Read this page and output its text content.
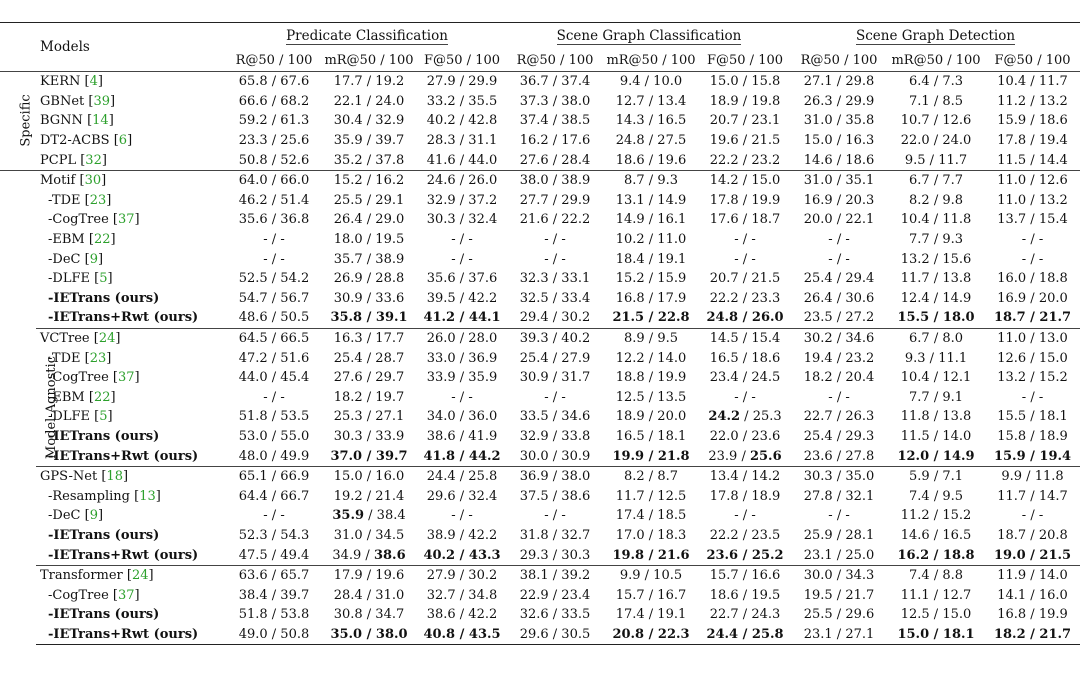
	Models	Predicate Classification			Scene Graph Classification			Scene Graph Detection		
		R@50 / 100	mR@50 / 100	F@50 / 100	R@50 / 100	mR@50 / 100	F@50 / 100	R@50 / 100	mR@50 / 100	F@50 / 100
Specific	KERN [4]	65.8 / 67.6	17.7 / 19.2	27.9 / 29.9	36.7 / 37.4	9.4 / 10.0	15.0 / 15.8	27.1 / 29.8	6.4 / 7.3	10.4 / 11.7
	GBNet [39]	66.6 / 68.2	22.1 / 24.0	33.2 / 35.5	37.3 / 38.0	12.7 / 13.4	18.9 / 19.8	26.3 / 29.9	7.1 / 8.5	11.2 / 13.2
	BGNN [14]	59.2 / 61.3	30.4 / 32.9	40.2 / 42.8	37.4 / 38.5	14.3 / 16.5	20.7 / 23.1	31.0 / 35.8	10.7 / 12.6	15.9 / 18.6
	DT2-ACBS [6]	23.3 / 25.6	35.9 / 39.7	28.3 / 31.1	16.2 / 17.6	24.8 / 27.5	19.6 / 21.5	15.0 / 16.3	22.0 / 24.0	17.8 / 19.4
	PCPL [32]	50.8 / 52.6	35.2 / 37.8	41.6 / 44.0	27.6 / 28.4	18.6 / 19.6	22.2 / 23.2	14.6 / 18.6	9.5 / 11.7	11.5 / 14.4
Model-Agnostic	Motif [30]	64.0 / 66.0	15.2 / 16.2	24.6 / 26.0	38.0 / 38.9	8.7 / 9.3	14.2 / 15.0	31.0 / 35.1	6.7 / 7.7	11.0 / 12.6
	-TDE [23]	46.2 / 51.4	25.5 / 29.1	32.9 / 37.2	27.7 / 29.9	13.1 / 14.9	17.8 / 19.9	16.9 / 20.3	8.2 / 9.8	11.0 / 13.2
	-CogTree [37]	35.6 / 36.8	26.4 / 29.0	30.3 / 32.4	21.6 / 22.2	14.9 / 16.1	17.6 / 18.7	20.0 / 22.1	10.4 / 11.8	13.7 / 15.4
	-EBM [22]	- / -	18.0 / 19.5	- / -	- / -	10.2 / 11.0	- / -	- / -	7.7 / 9.3	- / -
	-DeC [9]	- / -	35.7 / 38.9	- / -	- / -	18.4 / 19.1	- / -	- / -	13.2 / 15.6	- / -
	-DLFE [5]	52.5 / 54.2	26.9 / 28.8	35.6 / 37.6	32.3 / 33.1	15.2 / 15.9	20.7 / 21.5	25.4 / 29.4	11.7 / 13.8	16.0 / 18.8
	-IETrans (ours)	54.7 / 56.7	30.9 / 33.6	39.5 / 42.2	32.5 / 33.4	16.8 / 17.9	22.2 / 23.3	26.4 / 30.6	12.4 / 14.9	16.9 / 20.0
	-IETrans+Rwt (ours)	48.6 / 50.5	35.8 / 39.1	41.2 / 44.1	29.4 / 30.2	21.5 / 22.8	24.8 / 26.0	23.5 / 27.2	15.5 / 18.0	18.7 / 21.7
	VCTree [24]	64.5 / 66.5	16.3 / 17.7	26.0 / 28.0	39.3 / 40.2	8.9 / 9.5	14.5 / 15.4	30.2 / 34.6	6.7 / 8.0	11.0 / 13.0
	-TDE [23]	47.2 / 51.6	25.4 / 28.7	33.0 / 36.9	25.4 / 27.9	12.2 / 14.0	16.5 / 18.6	19.4 / 23.2	9.3 / 11.1	12.6 / 15.0
	-CogTree [37]	44.0 / 45.4	27.6 / 29.7	33.9 / 35.9	30.9 / 31.7	18.8 / 19.9	23.4 / 24.5	18.2 / 20.4	10.4 / 12.1	13.2 / 15.2
	-EBM [22]	- / -	18.2 / 19.7	- / -	- / -	12.5 / 13.5	- / -	- / -	7.7 / 9.1	- / -
	-DLFE [5]	51.8 / 53.5	25.3 / 27.1	34.0 / 36.0	33.5 / 34.6	18.9 / 20.0	24.2 / 25.3	22.7 / 26.3	11.8 / 13.8	15.5 / 18.1
	-IETrans (ours)	53.0 / 55.0	30.3 / 33.9	38.6 / 41.9	32.9 / 33.8	16.5 / 18.1	22.0 / 23.6	25.4 / 29.3	11.5 / 14.0	15.8 / 18.9
	-IETrans+Rwt (ours)	48.0 / 49.9	37.0 / 39.7	41.8 / 44.2	30.0 / 30.9	19.9 / 21.8	23.9 / 25.6	23.6 / 27.8	12.0 / 14.9	15.9 / 19.4
	GPS-Net [18]	65.1 / 66.9	15.0 / 16.0	24.4 / 25.8	36.9 / 38.0	8.2 / 8.7	13.4 / 14.2	30.3 / 35.0	5.9 / 7.1	9.9 / 11.8
	-Resampling [13]	64.4 / 66.7	19.2 / 21.4	29.6 / 32.4	37.5 / 38.6	11.7 / 12.5	17.8 / 18.9	27.8 / 32.1	7.4 / 9.5	11.7 / 14.7
	-DeC [9]	- / -	35.9 / 38.4	- / -	- / -	17.4 / 18.5	- / -	- / -	11.2 / 15.2	- / -
	-IETrans (ours)	52.3 / 54.3	31.0 / 34.5	38.9 / 42.2	31.8 / 32.7	17.0 / 18.3	22.2 / 23.5	25.9 / 28.1	14.6 / 16.5	18.7 / 20.8
	-IETrans+Rwt (ours)	47.5 / 49.4	34.9 / 38.6	40.2 / 43.3	29.3 / 30.3	19.8 / 21.6	23.6 / 25.2	23.1 / 25.0	16.2 / 18.8	19.0 / 21.5
	Transformer [24]	63.6 / 65.7	17.9 / 19.6	27.9 / 30.2	38.1 / 39.2	9.9 / 10.5	15.7 / 16.6	30.0 / 34.3	7.4 / 8.8	11.9 / 14.0
	-CogTree [37]	38.4 / 39.7	28.4 / 31.0	32.7 / 34.8	22.9 / 23.4	15.7 / 16.7	18.6 / 19.5	19.5 / 21.7	11.1 / 12.7	14.1 / 16.0
	-IETrans (ours)	51.8 / 53.8	30.8 / 34.7	38.6 / 42.2	32.6 / 33.5	17.4 / 19.1	22.7 / 24.3	25.5 / 29.6	12.5 / 15.0	16.8 / 19.9
	-IETrans+Rwt (ours)	49.0 / 50.8	35.0 / 38.0	40.8 / 43.5	29.6 / 30.5	20.8 / 22.3	24.4 / 25.8	23.1 / 27.1	15.0 / 18.1	18.2 / 21.7
